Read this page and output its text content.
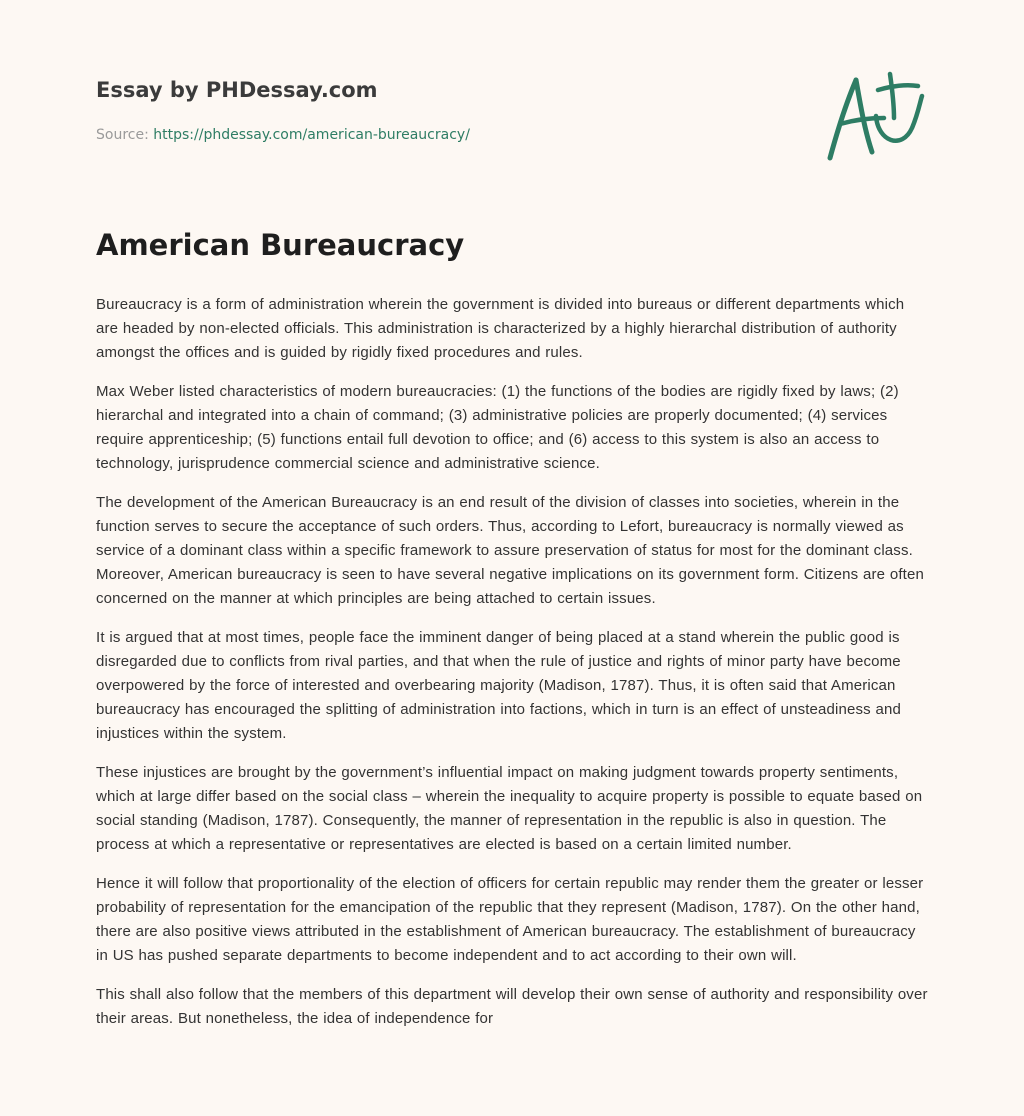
Essay by PHDessay.com
Source: https://phdessay.com/american-bureaucracy/
American Bureaucracy

Bureaucracy is a form of administration wherein the government is divided into bureaus or different departments which are headed by non-elected officials. This administration is characterized by a highly hierarchal distribution of authority amongst the offices and is guided by rigidly fixed procedures and rules.

Max Weber listed characteristics of modern bureaucracies: (1) the functions of the bodies are rigidly fixed by laws; (2) hierarchal and integrated into a chain of command; (3) administrative policies are properly documented; (4) services require apprenticeship; (5) functions entail full devotion to office; and (6) access to this system is also an access to technology, jurisprudence commercial science and administrative science.

The development of the American Bureaucracy is an end result of the division of classes into societies, wherein in the function serves to secure the acceptance of such orders. Thus, according to Lefort, bureaucracy is normally viewed as service of a dominant class within a specific framework to assure preservation of status for most for the dominant class. Moreover, American bureaucracy is seen to have several negative implications on its government form. Citizens are often concerned on the manner at which principles are being attached to certain issues.

It is argued that at most times, people face the imminent danger of being placed at a stand wherein the public good is disregarded due to conflicts from rival parties, and that when the rule of justice and rights of minor party have become overpowered by the force of interested and overbearing majority (Madison, 1787). Thus, it is often said that American bureaucracy has encouraged the splitting of administration into factions, which in turn is an effect of unsteadiness and injustices within the system.

These injustices are brought by the government’s influential impact on making judgment towards property sentiments, which at large differ based on the social class – wherein the inequality to acquire property is possible to equate based on social standing (Madison, 1787). Consequently, the manner of representation in the republic is also in question. The process at which a representative or representatives are elected is based on a certain limited number.

Hence it will follow that proportionality of the election of officers for certain republic may render them the greater or lesser probability of representation for the emancipation of the republic that they represent (Madison, 1787). On the other hand, there are also positive views attributed in the establishment of American bureaucracy. The establishment of bureaucracy in US has pushed separate departments to become independent and to act according to their own will.

This shall also follow that the members of this department will develop their own sense of authority and responsibility over their areas. But nonetheless, the idea of independence for
